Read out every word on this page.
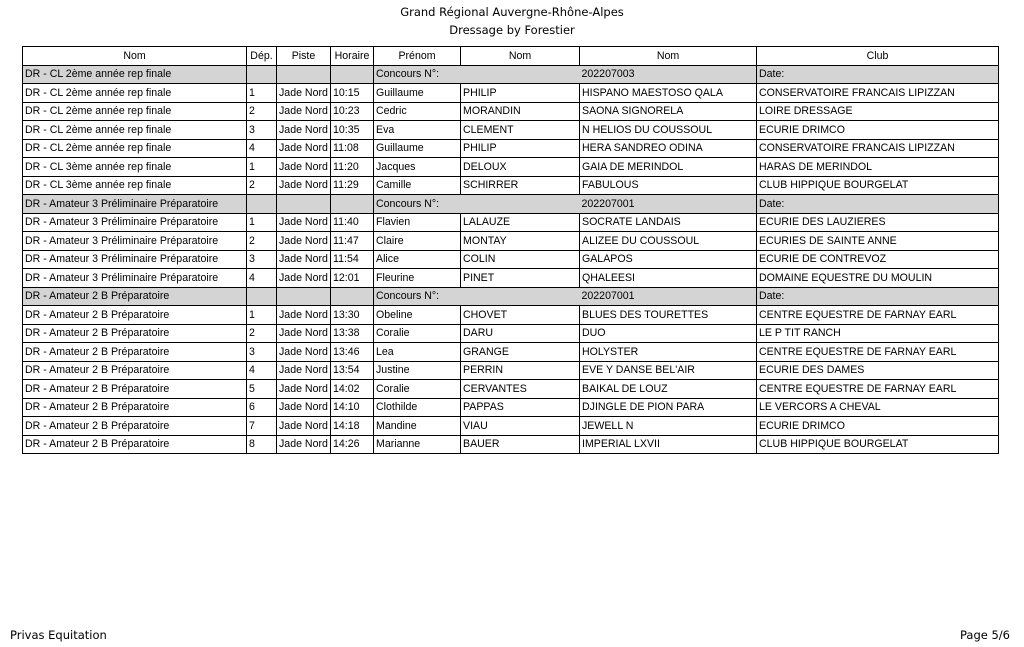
Grand Régional Auvergne-Rhône-Alpes
Dressage by Forestier
Nom	Dép.	Piste	Horaire	Prénom	Nom	Nom	Club	
DR - CL 2ème année rep finale				Concours N°:		202207003	Date:	
DR - CL 2ème année rep finale	1	Jade Nord	10:15	Guillaume	PHILIP	HISPANO MAESTOSO QALA	CONSERVATOIRE FRANCAIS LIPIZZAN	
DR - CL 2ème année rep finale	2	Jade Nord	10:23	Cedric	MORANDIN	SAONA SIGNORELA	LOIRE DRESSAGE	
DR - CL 2ème année rep finale	3	Jade Nord	10:35	Eva	CLEMENT	N HELIOS DU COUSSOUL	ECURIE DRIMCO	
DR - CL 2ème année rep finale	4	Jade Nord	11:08	Guillaume	PHILIP	HERA SANDREO ODINA	CONSERVATOIRE FRANCAIS LIPIZZAN	
DR - CL 3ème année rep finale	1	Jade Nord	11:20	Jacques	DELOUX	GAIA DE MERINDOL	HARAS DE MERINDOL	
DR - CL 3ème année rep finale	2	Jade Nord	11:29	Camille	SCHIRRER	FABULOUS	CLUB HIPPIQUE BOURGELAT	
DR - Amateur 3 Préliminaire Préparatoire				Concours N°:		202207001	Date:	
DR - Amateur 3 Préliminaire Préparatoire	1	Jade Nord	11:40	Flavien	LALAUZE	SOCRATE LANDAIS	ECURIE DES LAUZIERES	
DR - Amateur 3 Préliminaire Préparatoire	2	Jade Nord	11:47	Claire	MONTAY	ALIZEE DU COUSSOUL	ECURIES DE SAINTE ANNE	
DR - Amateur 3 Préliminaire Préparatoire	3	Jade Nord	11:54	Alice	COLIN	GALAPOS	ECURIE DE CONTREVOZ	
DR - Amateur 3 Préliminaire Préparatoire	4	Jade Nord	12:01	Fleurine	PINET	QHALEESI	DOMAINE EQUESTRE DU MOULIN	
DR - Amateur 2 B Préparatoire				Concours N°:		202207001	Date:	
DR - Amateur 2 B Préparatoire	1	Jade Nord	13:30	Obeline	CHOVET	BLUES DES TOURETTES	CENTRE EQUESTRE DE FARNAY EARL	
DR - Amateur 2 B Préparatoire	2	Jade Nord	13:38	Coralie	DARU	DUO	LE P TIT RANCH	
DR - Amateur 2 B Préparatoire	3	Jade Nord	13:46	Lea	GRANGE	HOLYSTER	CENTRE EQUESTRE DE FARNAY EARL	
DR - Amateur 2 B Préparatoire	4	Jade Nord	13:54	Justine	PERRIN	EVE Y DANSE BEL'AIR	ECURIE DES DAMES	
DR - Amateur 2 B Préparatoire	5	Jade Nord	14:02	Coralie	CERVANTES	BAIKAL DE LOUZ	CENTRE EQUESTRE DE FARNAY EARL	
DR - Amateur 2 B Préparatoire	6	Jade Nord	14:10	Clothilde	PAPPAS	DJINGLE DE PION PARA	LE VERCORS A CHEVAL	
DR - Amateur 2 B Préparatoire	7	Jade Nord	14:18	Mandine	VIAU	JEWELL N	ECURIE DRIMCO	
DR - Amateur 2 B Préparatoire	8	Jade Nord	14:26	Marianne	BAUER	IMPERIAL LXVII	CLUB HIPPIQUE BOURGELAT	
Privas Equitation	Page 5/6
